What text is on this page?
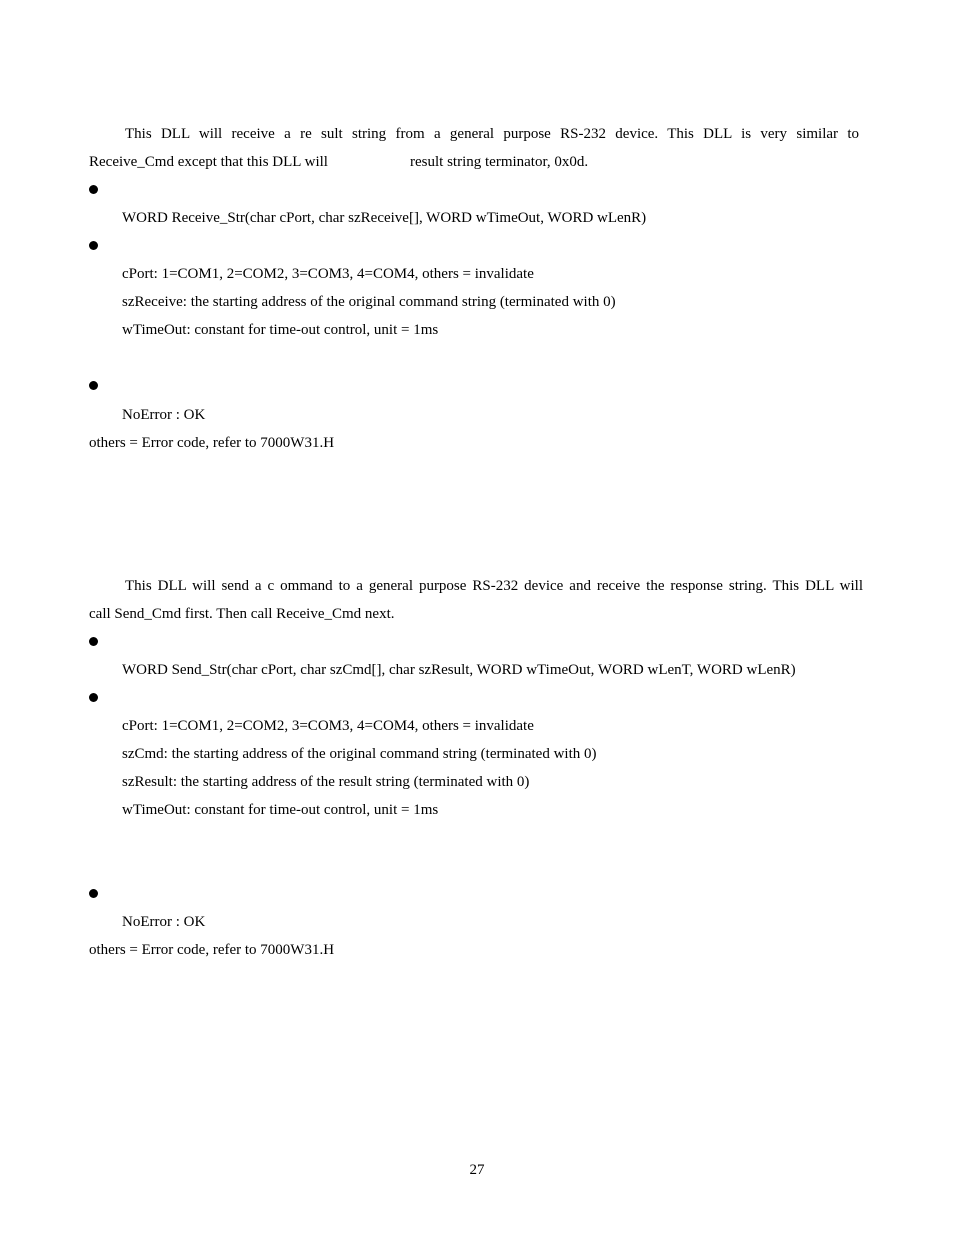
This DLL will receive a re sult string from a general purpose RS-232 device. This DLL is very similar to
Receive_Cmd except that this DLL will	result string terminator, 0x0d.
WORD Receive_Str(char cPort, char szReceive[], WORD wTimeOut, WORD wLenR)
cPort: 1=COM1, 2=COM2, 3=COM3, 4=COM4, others = invalidate
szReceive: the starting address of the original command string (terminated with 0)
wTimeOut: constant for time-out control, unit = 1ms
NoError : OK
others = Error code, refer to 7000W31.H
This DLL will send a c ommand to a general purpose RS-232 device and receive the response string. This DLL will
call Send_Cmd first. Then call Receive_Cmd next.
WORD Send_Str(char cPort, char szCmd[], char szResult, WORD wTimeOut, WORD wLenT, WORD wLenR)
cPort: 1=COM1, 2=COM2, 3=COM3, 4=COM4, others = invalidate
szCmd: the starting address of the original command string (terminated with 0)
szResult: the starting address of the result string (terminated with 0)
wTimeOut: constant for time-out control, unit = 1ms
NoError : OK
others = Error code, refer to 7000W31.H
27
